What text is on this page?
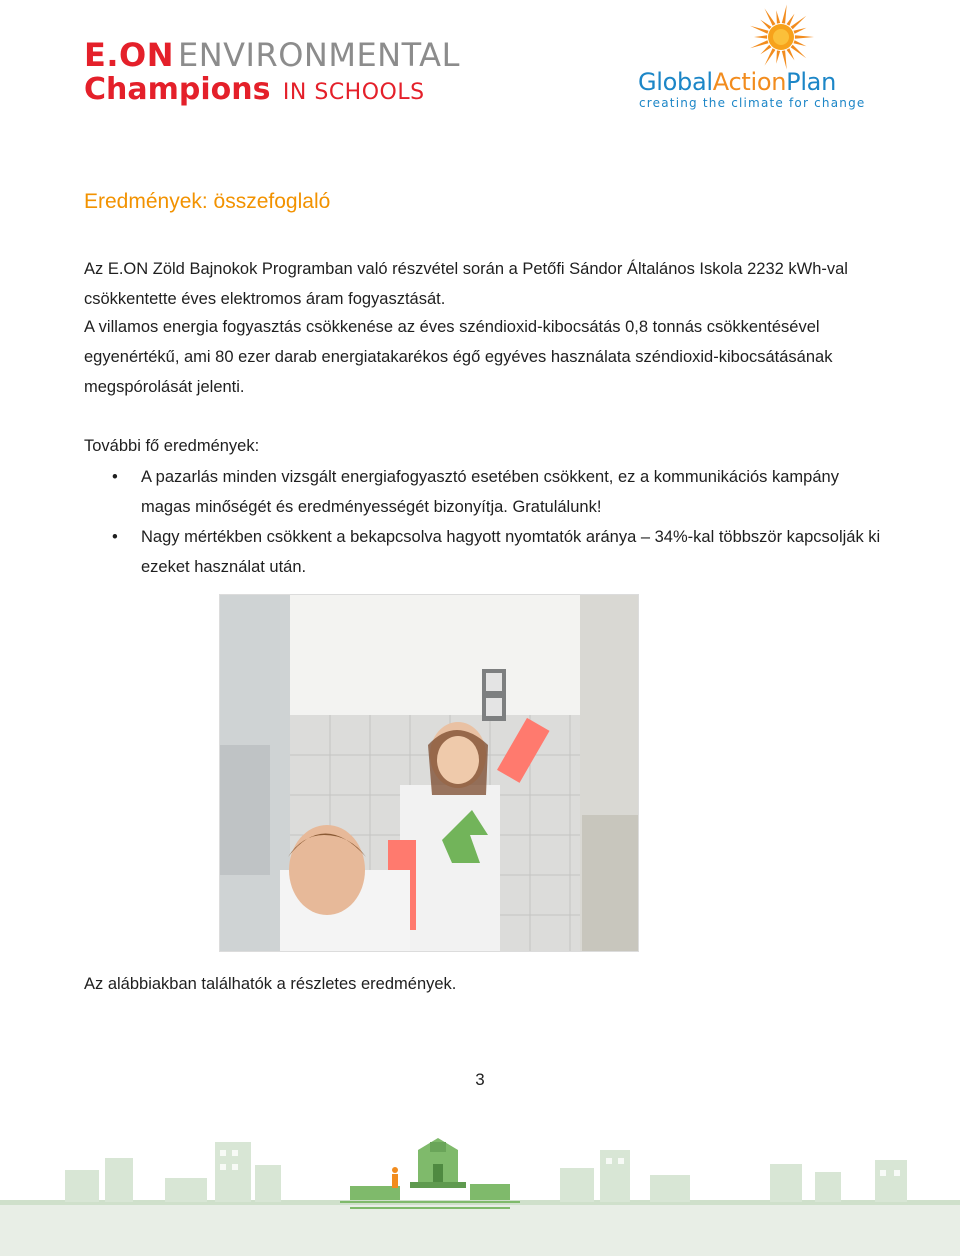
E.ON ENVIRONMENTAL
Champions IN SCHOOLS	GlobalActionPlan
creating the climate for change
Eredmények: összefoglaló

Az E.ON Zöld Bajnokok Programban való részvétel során a Petőfi Sándor Általános Iskola 2232 kWh-val csökkentette éves elektromos áram fogyasztását.

A villamos energia fogyasztás csökkenése az éves széndioxid-kibocsátás 0,8 tonnás csökkentésével egyenértékű, ami 80 ezer darab energiatakarékos égő egyéves használata széndioxid-kibocsátásának megspórolását jelenti.

További fő eredmények:

• A pazarlás minden vizsgált energiafogyasztó esetében csökkent, ez a kommunikációs kampány magas minőségét és eredményességét bizonyítja. Gratulálunk!
• Nagy mértékben csökkent a bekapcsolva hagyott nyomtatók aránya – 34%-kal többször kapcsolják ki ezeket használat után.

Az alábbiakban találhatók a részletes eredmények.

3
